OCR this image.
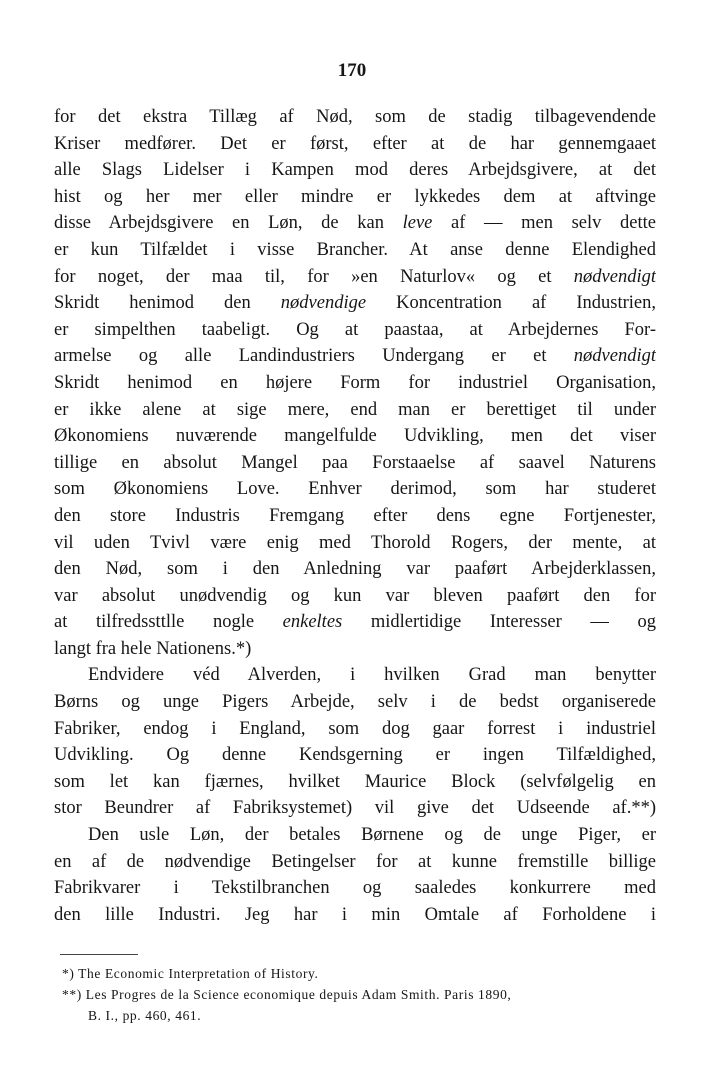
170
for det ekstra Tillæg af Nød, som de stadig tilbagevendende
Kriser medfører. Det er først, efter at de har gennemgaaet
alle Slags Lidelser i Kampen mod deres Arbejdsgivere, at det
hist og her mer eller mindre er lykkedes dem at aftvinge
disse Arbejdsgivere en Løn, de kan leve af — men selv dette
er kun Tilfældet i visse Brancher. At anse denne Elendighed
for noget, der maa til, for »en Naturlov« og et nødvendigt
Skridt henimod den nødvendige Koncentration af Industrien,
er simpelthen taabeligt. Og at paastaa, at Arbejdernes For-
armelse og alle Landindustriers Undergang er et nødvendigt
Skridt henimod en højere Form for industriel Organisation,
er ikke alene at sige mere, end man er berettiget til under
Økonomiens nuværende mangelfulde Udvikling, men det viser
tillige en absolut Mangel paa Forstaaelse af saavel Naturens
som Økonomiens Love. Enhver derimod, som har studeret
den store Industris Fremgang efter dens egne Fortjenester,
vil uden Tvivl være enig med Thorold Rogers, der mente, at
den Nød, som i den Anledning var paaført Arbejderklassen,
var absolut unødvendig og kun var bleven paaført den for
at tilfredssttlle nogle enkeltes midlertidige Interesser — og
langt fra hele Nationens.*)
Endvidere véd Alverden, i hvilken Grad man benytter
Børns og unge Pigers Arbejde, selv i de bedst organiserede
Fabriker, endog i England, som dog gaar forrest i industriel
Udvikling. Og denne Kendsgerning er ingen Tilfældighed,
som let kan fjærnes, hvilket Maurice Block (selvfølgelig en
stor Beundrer af Fabriksystemet) vil give det Udseende af.**)
Den usle Løn, der betales Børnene og de unge Piger, er
en af de nødvendige Betingelser for at kunne fremstille billige
Fabrikvarer i Tekstilbranchen og saaledes konkurrere med
den lille Industri. Jeg har i min Omtale af Forholdene i
*) The Economic Interpretation of History.
**) Les Progres de la Science economique depuis Adam Smith. Paris 1890,
B. I., pp. 460, 461.
